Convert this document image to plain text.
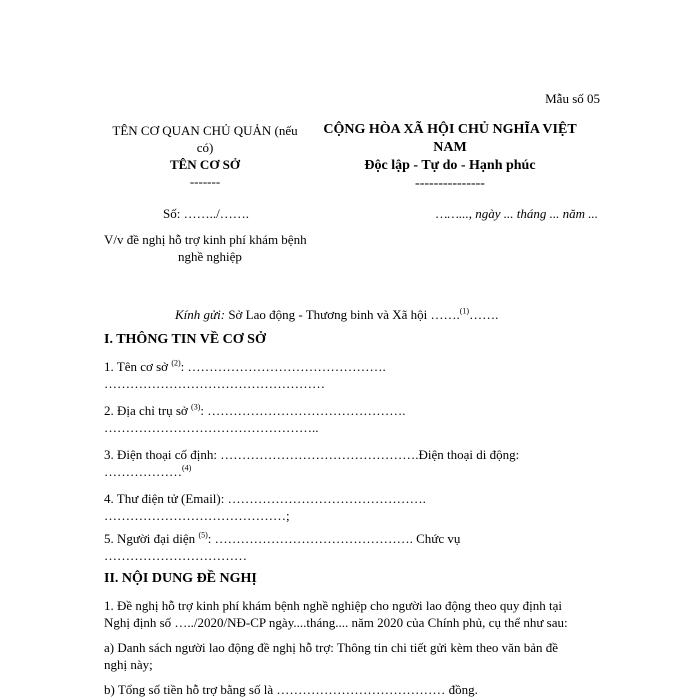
Mẫu số 05
TÊN CƠ QUAN CHỦ QUẢN (nếu
có)
TÊN CƠ SỞ
-------
CỘNG HÒA XÃ HỘI CHỦ NGHĨA VIỆT
NAM
Độc lập - Tự do - Hạnh phúc
---------------
Số: ……../…….	……..., ngày ... tháng ... năm ...
V/v đề nghị hỗ trợ kinh phí khám bệnh
nghề nghiệp
Kính gửi: Sở Lao động - Thương binh và Xã hội …….$^{(1)}$…….
I. THÔNG TIN VỀ CƠ SỞ
1. Tên cơ sở $^{(2)}$: ……………………………………….
……………………………………………
2. Địa chỉ trụ sở $^{(3)}$: ……………………………………….
…………………………………………..
3. Điện thoại cố định: ……………………………………….Điện thoại di động:
………………$^{(4)}$
4. Thư điện tử (Email): ……………………………………….
……………………………………;
5. Người đại diện $^{(5)}$: ………………………………………. Chức vụ
……………………………
II. NỘI DUNG ĐỀ NGHỊ
1. Đề nghị hỗ trợ kinh phí khám bệnh nghề nghiệp cho người lao động theo quy định tại
Nghị định số …../2020/NĐ-CP ngày....tháng.... năm 2020 của Chính phủ, cụ thể như sau:
a) Danh sách người lao động đề nghị hỗ trợ: Thông tin chi tiết gửi kèm theo văn bản đề
nghị này;
b) Tổng số tiền hỗ trợ bằng số là ………………………………… đồng.
